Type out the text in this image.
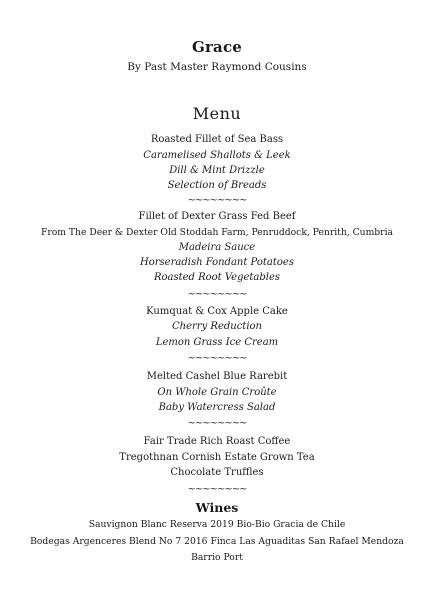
Grace
By Past Master Raymond Cousins
Menu
Roasted Fillet of Sea Bass
Caramelised Shallots & Leek
Dill & Mint Drizzle
Selection of Breads
~~~~~~~~
Fillet of Dexter Grass Fed Beef
From The Deer & Dexter Old Stoddah Farm, Penruddock, Penrith, Cumbria
Madeira Sauce
Horseradish Fondant Potatoes
Roasted Root Vegetables
~~~~~~~~
Kumquat & Cox Apple Cake
Cherry Reduction
Lemon Grass Ice Cream
~~~~~~~~
Melted Cashel Blue Rarebit
On Whole Grain Croûte
Baby Watercress Salad
~~~~~~~~
Fair Trade Rich Roast Coffee
Tregothnan Cornish Estate Grown Tea
Chocolate Truffles
~~~~~~~~
Wines
Sauvignon Blanc Reserva 2019 Bio-Bio Gracia de Chile
Bodegas Argenceres Blend No 7 2016 Finca Las Aguaditas San Rafael Mendoza
Barrio Port
